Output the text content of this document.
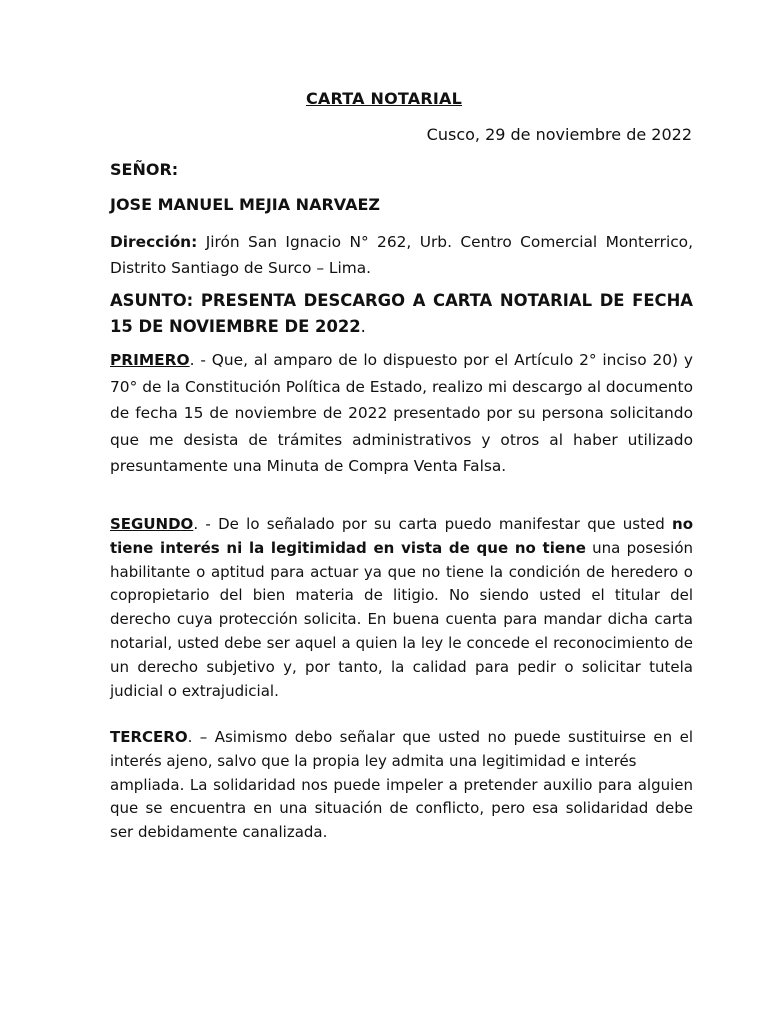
CARTA NOTARIAL
Cusco, 29 de noviembre de 2022
SEÑOR:
JOSE MANUEL MEJIA NARVAEZ
Dirección: Jirón San Ignacio N° 262, Urb. Centro Comercial Monterrico, Distrito Santiago de Surco – Lima.
ASUNTO: PRESENTA DESCARGO A CARTA NOTARIAL DE FECHA 15 DE NOVIEMBRE DE 2022.
PRIMERO. - Que, al amparo de lo dispuesto por el Artículo 2° inciso 20) y 70° de la Constitución Política de Estado, realizo mi descargo al documento de fecha 15 de noviembre de 2022 presentado por su persona solicitando que me desista de trámites administrativos y otros al haber utilizado presuntamente una Minuta de Compra Venta Falsa.
SEGUNDO. - De lo señalado por su carta puedo manifestar que usted no tiene interés ni la legitimidad en vista de que no tiene una posesión habilitante o aptitud para actuar ya que no tiene la condición de heredero o copropietario del bien materia de litigio. No siendo usted el titular del derecho cuya protección solicita. En buena cuenta para mandar dicha carta notarial, usted debe ser aquel a quien la ley le concede el reconocimiento de un derecho subjetivo y, por tanto, la calidad para pedir o solicitar tutela judicial o extrajudicial.
TERCERO. – Asimismo debo señalar que usted no puede sustituirse en el interés ajeno, salvo que la propia ley admita una legitimidad e interés
ampliada. La solidaridad nos puede impeler a pretender auxilio para alguien que se encuentra en una situación de conflicto, pero esa solidaridad debe ser debidamente canalizada.
